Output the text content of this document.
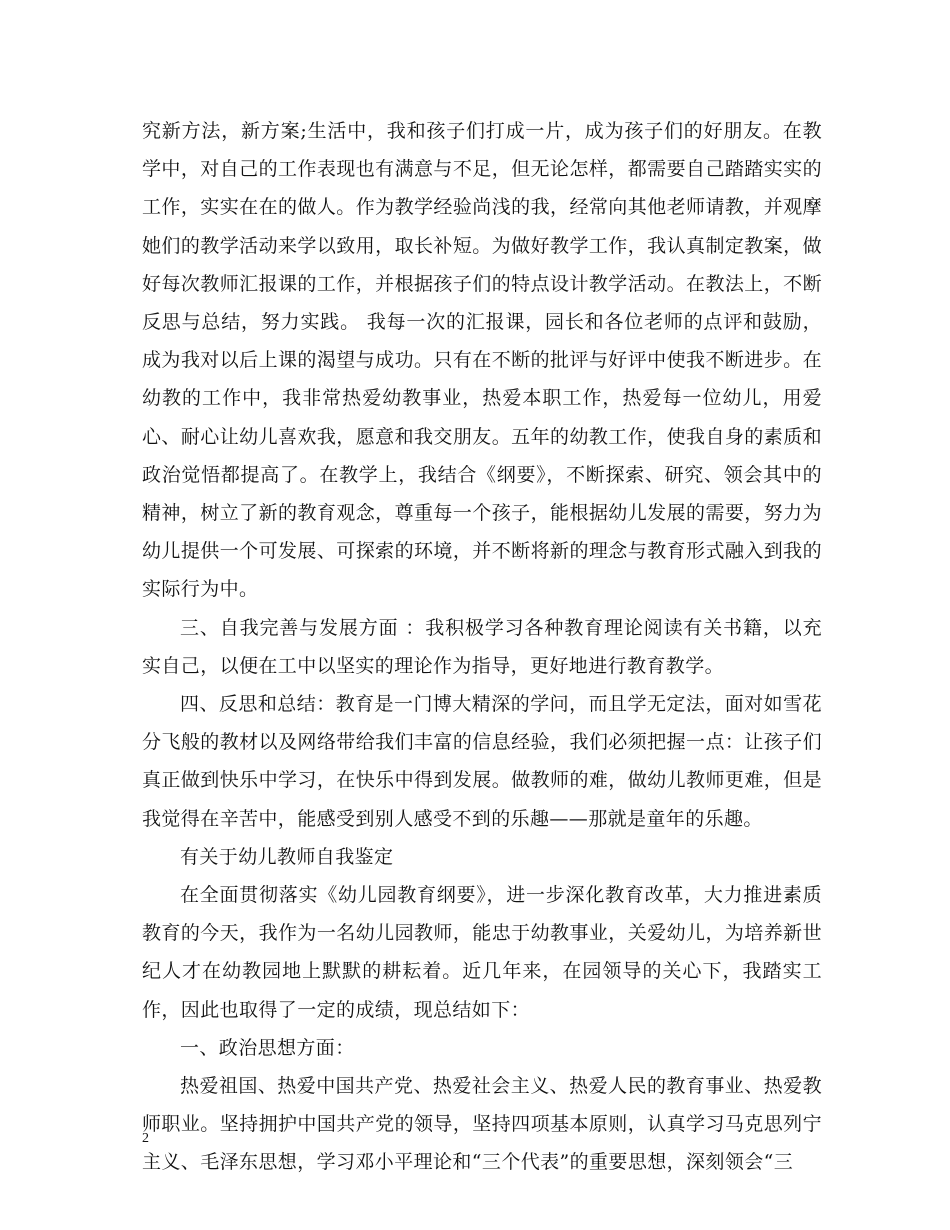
究新方法，新方案;生活中，我和孩子们打成一片，成为孩子们的好朋友。在教学中，对自己的工作表现也有满意与不足，但无论怎样，都需要自己踏踏实实的工作，实实在在的做人。作为教学经验尚浅的我，经常向其他老师请教，并观摩她们的教学活动来学以致用，取长补短。为做好教学工作，我认真制定教案，做好每次教师汇报课的工作，并根据孩子们的特点设计教学活动。在教法上，不断反思与总结，努力实践。 我每一次的汇报课，园长和各位老师的点评和鼓励， 成为我对以后上课的渴望与成功。只有在不断的批评与好评中使我不断进步。在幼教的工作中，我非常热爱幼教事业，热爱本职工作，热爱每一位幼儿，用爱心、耐心让幼儿喜欢我，愿意和我交朋友。五年的幼教工作，使我自身的素质和政治觉悟都提高了。在教学上，我结合《纲要》，不断探索、研究、领会其中的精神，树立了新的教育观念，尊重每一个孩子，能根据幼儿发展的需要，努力为幼儿提供一个可发展、可探索的环境，并不断将新的理念与教育形式融入到我的实际行为中。

三、自我完善与发展方面 ：我积极学习各种教育理论阅读有关书籍，以充实自己，以便在工中以坚实的理论作为指导，更好地进行教育教学。

四、反思和总结：教育是一门博大精深的学问，而且学无定法，面对如雪花分飞般的教材以及网络带给我们丰富的信息经验，我们必须把握一点：让孩子们真正做到快乐中学习，在快乐中得到发展。做教师的难，做幼儿教师更难，但是我觉得在辛苦中，能感受到别人感受不到的乐趣——那就是童年的乐趣。

有关于幼儿教师自我鉴定

在全面贯彻落实《幼儿园教育纲要》，进一步深化教育改革，大力推进素质教育的今天，我作为一名幼儿园教师，能忠于幼教事业，关爱幼儿，为培养新世纪人才在幼教园地上默默的耕耘着。近几年来，在园领导的关心下，我踏实工作，因此也取得了一定的成绩，现总结如下：

一、政治思想方面：

热爱祖国、热爱中国共产党、热爱社会主义、热爱人民的教育事业、热爱教师职业。坚持拥护中国共产党的领导，坚持四项基本原则，认真学习马克思列宁主义、毛泽东思想，学习邓小平理论和“三个代表”的重要思想，深刻领会“三

2
